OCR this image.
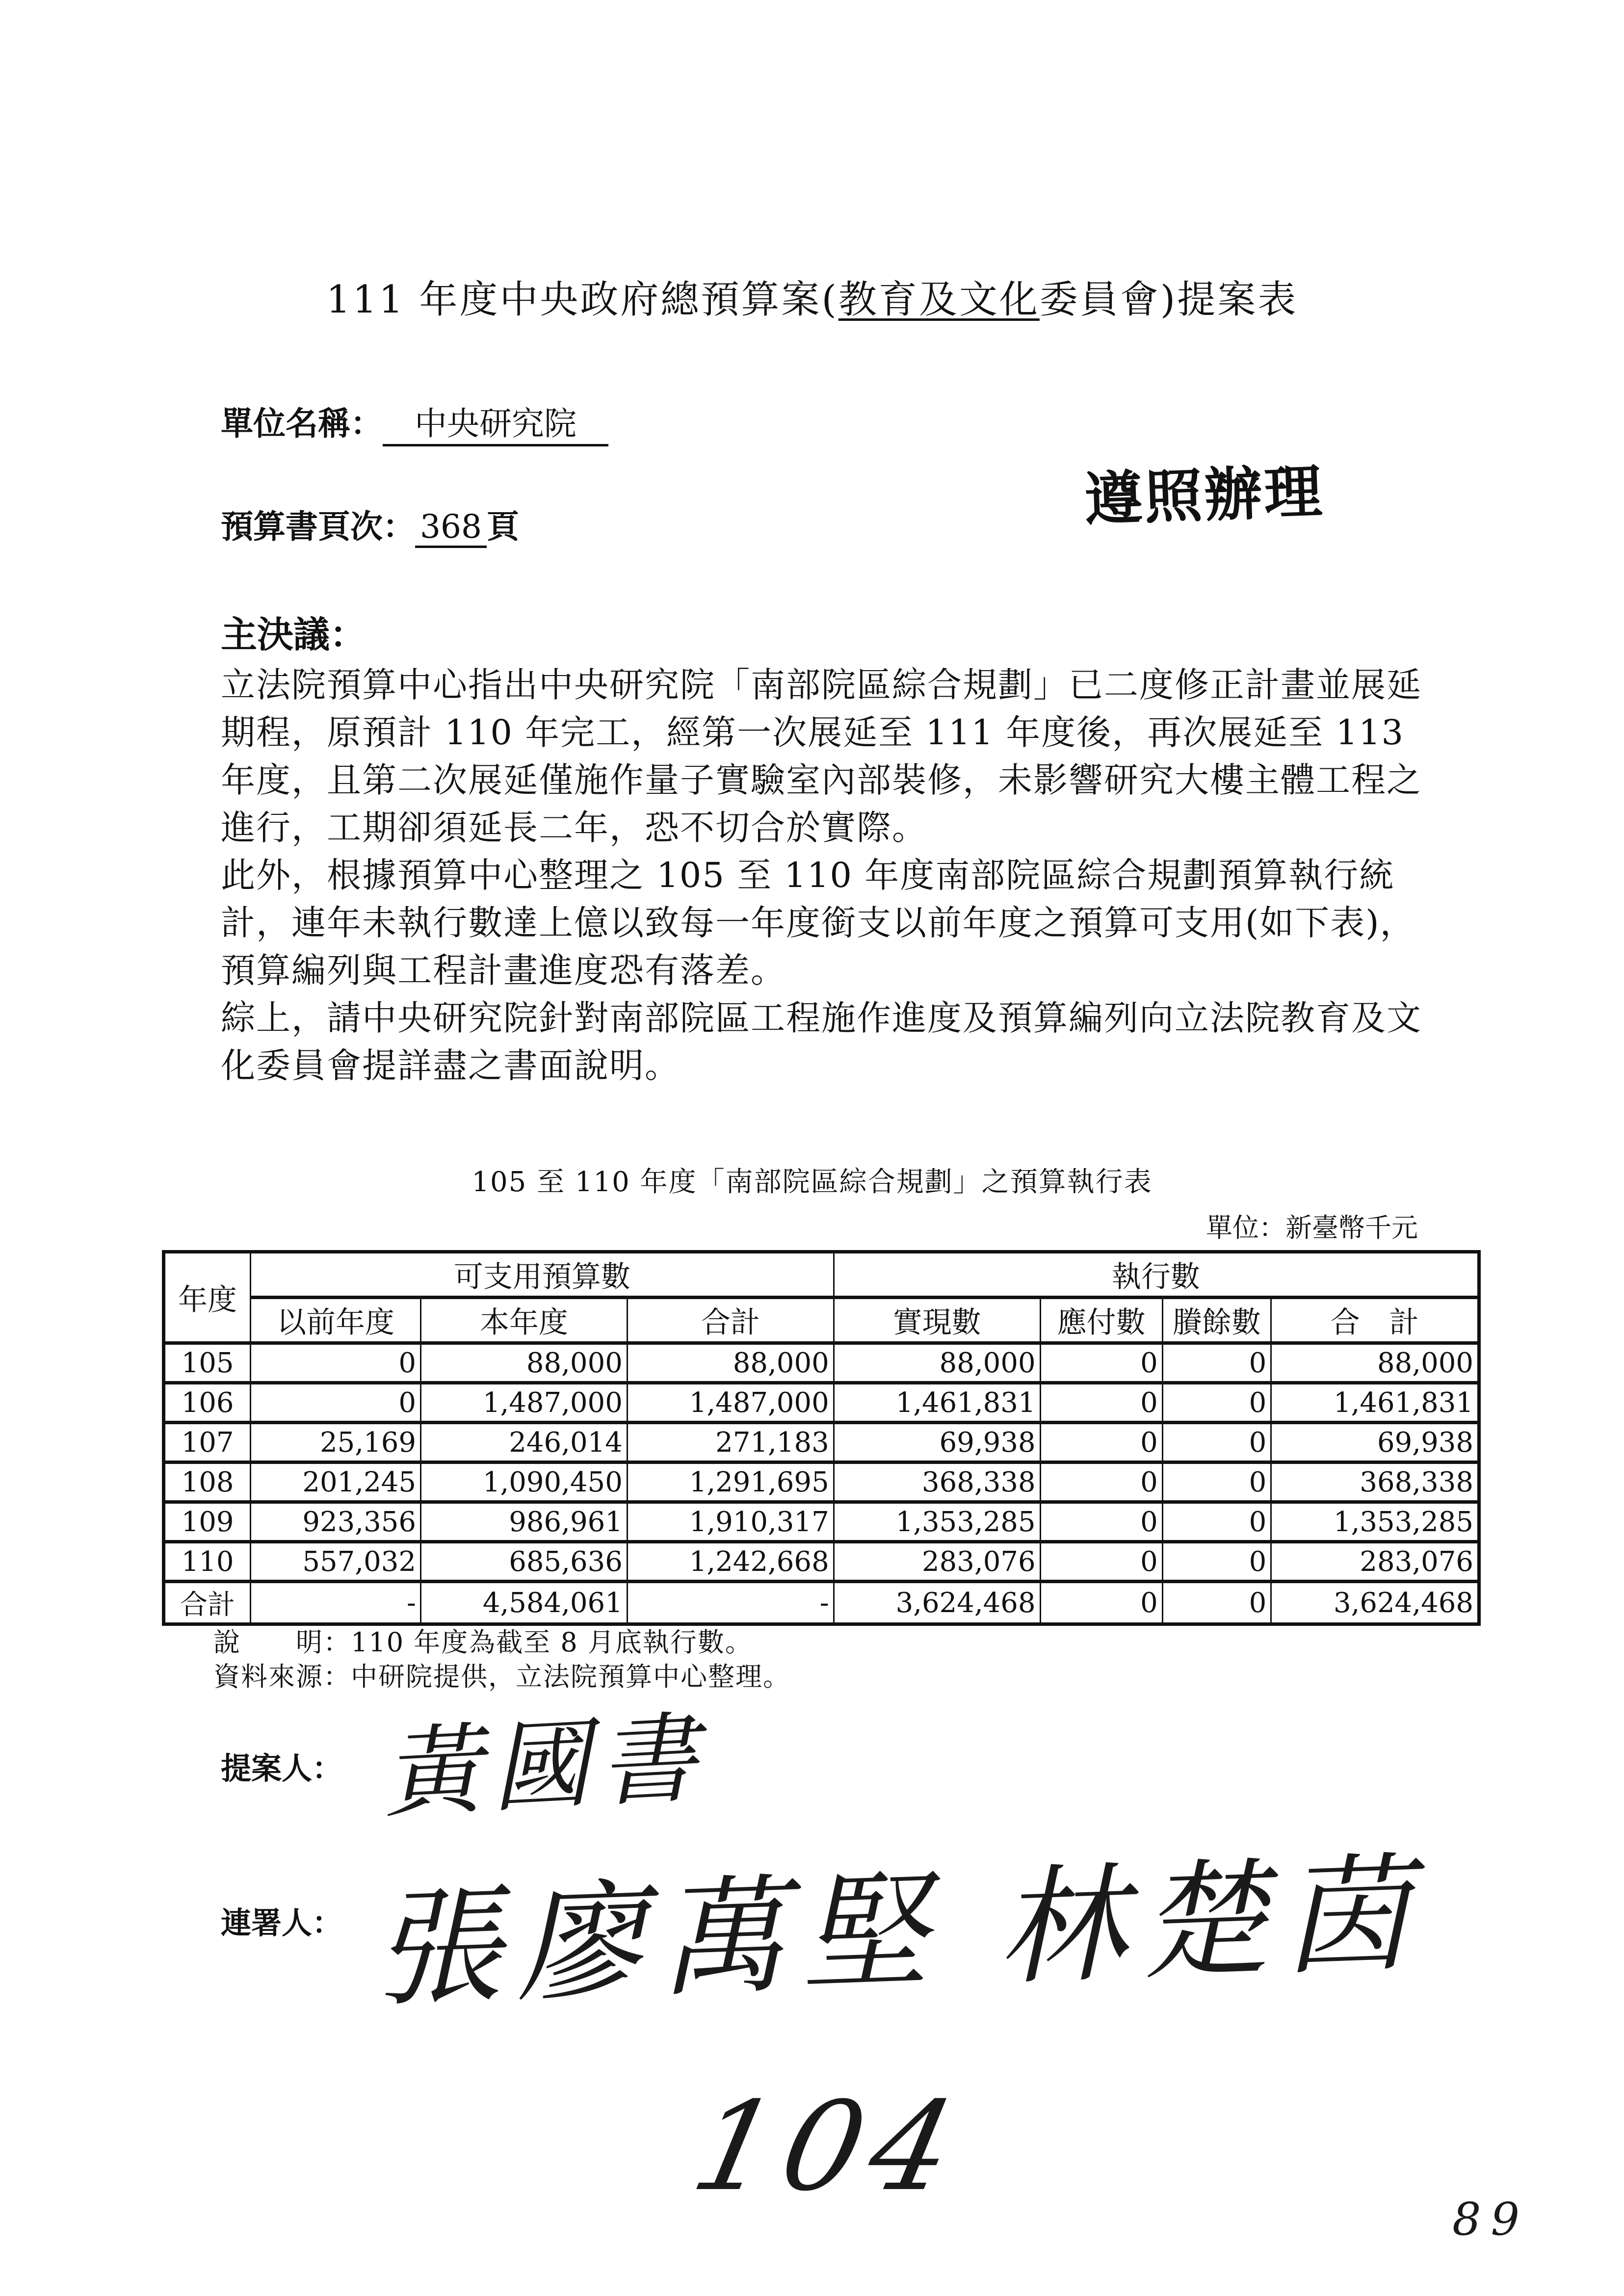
111 年度中央政府總預算案(教育及文化委員會)提案表
單位名稱： 中央研究院
預算書頁次： 368 頁	遵照辦理
主決議：

立法院預算中心指出中央研究院「南部院區綜合規劃」已二度修正計畫並展延期程，原預計 110 年完工，經第一次展延至 111 年度後，再次展延至 113 年度，且第二次展延僅施作量子實驗室內部裝修，未影響研究大樓主體工程之進行，工期卻須延長二年，恐不切合於實際。

此外，根據預算中心整理之 105 至 110 年度南部院區綜合規劃預算執行統計，連年未執行數達上億以致每一年度銜支以前年度之預算可支用(如下表)，預算編列與工程計畫進度恐有落差。

綜上，請中央研究院針對南部院區工程施作進度及預算編列向立法院教育及文化委員會提詳盡之書面說明。

105 至 110 年度「南部院區綜合規劃」之預算執行表
單位：新臺幣千元
年度	可支用預算數			執行數			
	以前年度	本年度	合計	實現數	應付數	賸餘數	合　計
105	0	88,000	88,000	88,000	0	0	88,000
106	0	1,487,000	1,487,000	1,461,831	0	0	1,461,831
107	25,169	246,014	271,183	69,938	0	0	69,938
108	201,245	1,090,450	1,291,695	368,338	0	0	368,338
109	923,356	986,961	1,910,317	1,353,285	0	0	1,353,285
110	557,032	685,636	1,242,668	283,076	0	0	283,076
合計	-	4,584,061	-	3,624,468	0	0	3,624,468
說　　明：110 年度為截至 8 月底執行數。
資料來源：中研院提供，立法院預算中心整理。
提案人： 黃國書
連署人： 張廖萬堅 林楚茵
104
89
